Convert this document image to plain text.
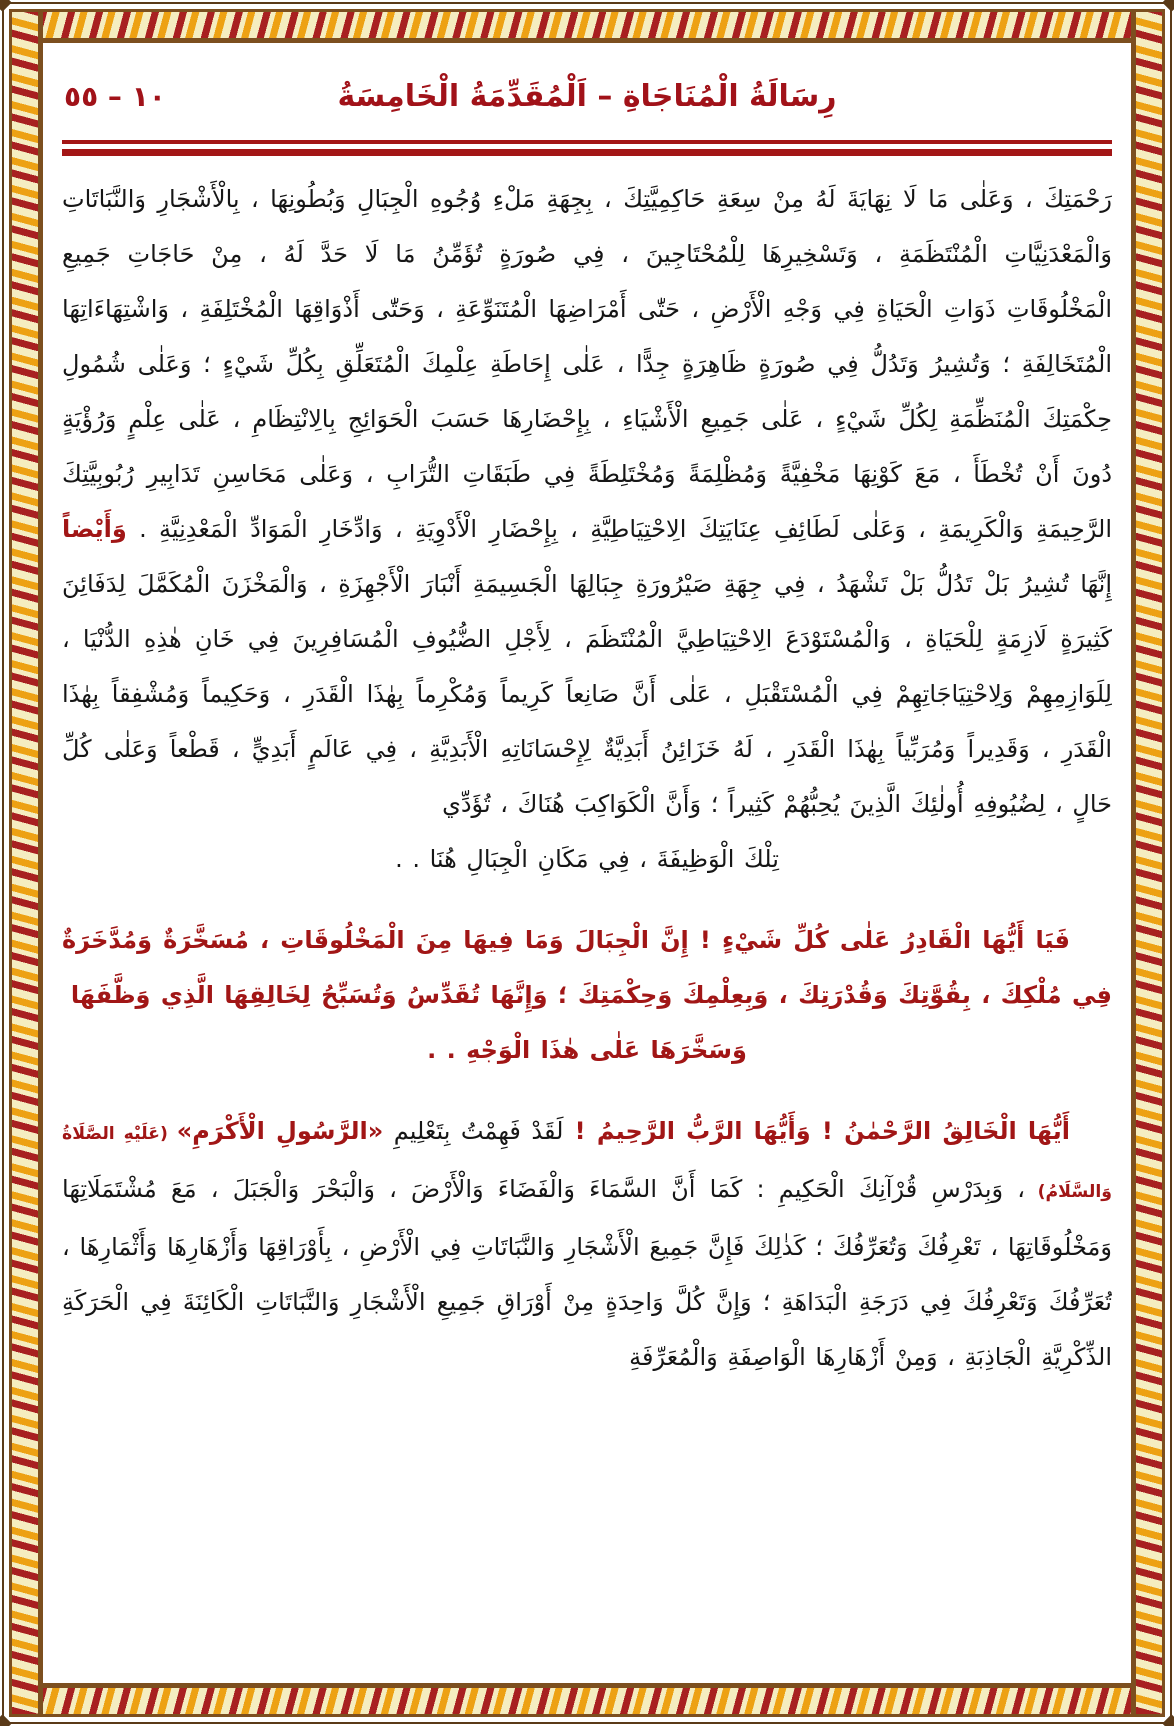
١٠ – ٥٥	رِسَالَةُ الْمُنَاجَاةِ – اَلْمُقَدِّمَةُ الْخَامِسَةُ

رَحْمَتِكَ ، وَعَلٰى مَا لَا نِهَايَةَ لَهُ مِنْ سِعَةِ حَاكِمِيَّتِكَ ، بِجِهَةِ مَلْءِ وُجُوهِ الْجِبَالِ وَبُطُونِهَا ، بِالْأَشْجَارِ وَالنَّبَاتَاتِ وَالْمَعْدَنِيَّاتِ الْمُنْتَظَمَةِ ، وَتَسْخِيرِهَا لِلْمُحْتَاجِينَ ، فِي صُورَةٍ تُؤَمِّنُ مَا لَا حَدَّ لَهُ ، مِنْ حَاجَاتِ جَمِيعِ الْمَخْلُوقَاتِ ذَوَاتِ الْحَيَاةِ فِي وَجْهِ الْأَرْضِ ، حَتّٰى أَمْرَاضِهَا الْمُتَنَوِّعَةِ ، وَحَتّٰى أَذْوَاقِهَا الْمُخْتَلِفَةِ ، وَاشْتِهَاءَاتِهَا الْمُتَخَالِفَةِ ؛ وَتُشِيرُ وَتَدُلُّ فِي صُورَةٍ ظَاهِرَةٍ جِدًّا ، عَلٰى إِحَاطَةِ عِلْمِكَ الْمُتَعَلِّقِ بِكُلِّ شَيْءٍ ؛ وَعَلٰى شُمُولِ حِكْمَتِكَ الْمُنَظِّمَةِ لِكُلِّ شَيْءٍ ، عَلٰى جَمِيعِ الْأَشْيَاءِ ، بِإِحْضَارِهَا حَسَبَ الْحَوَائِجِ بِالِانْتِظَامِ ، عَلٰى عِلْمٍ وَرُؤْيَةٍ دُونَ أَنْ تُخْطَأَ ، مَعَ كَوْنِهَا مَخْفِيَّةً وَمُظْلِمَةً وَمُخْتَلِطَةً فِي طَبَقَاتِ التُّرَابِ ، وَعَلٰى مَحَاسِنِ تَدَابِيرِ رُبُوبِيَّتِكَ الرَّحِيمَةِ وَالْكَرِيمَةِ ، وَعَلٰى لَطَائِفِ عِنَايَتِكَ الِاحْتِيَاطِيَّةِ ، بِإِحْضَارِ الْأَدْوِيَةِ ، وَادِّخَارِ الْمَوَادِّ الْمَعْدِنِيَّةِ . وَأَيْضاً إِنَّهَا تُشِيرُ بَلْ تَدُلُّ بَلْ تَشْهَدُ ، فِي جِهَةِ صَيْرُورَةِ جِبَالِهَا الْجَسِيمَةِ أَنْبَارَ الْأَجْهِزَةِ ، وَالْمَخْزَنَ الْمُكَمَّلَ لِدَفَائِنَ كَثِيرَةٍ لَازِمَةٍ لِلْحَيَاةِ ، وَالْمُسْتَوْدَعَ الِاحْتِيَاطِيَّ الْمُنْتَظَمَ ، لِأَجْلِ الضُّيُوفِ الْمُسَافِرِينَ فِي خَانِ هٰذِهِ الدُّنْيَا ، لِلَوَازِمِهِمْ وَلِاحْتِيَاجَاتِهِمْ فِي الْمُسْتَقْبَلِ ، عَلٰى أَنَّ صَانِعاً كَرِيماً وَمُكْرِماً بِهٰذَا الْقَدَرِ ، وَحَكِيماً وَمُشْفِقاً بِهٰذَا الْقَدَرِ ، وَقَدِيراً وَمُرَبِّياً بِهٰذَا الْقَدَرِ ، لَهُ خَزَائِنُ أَبَدِيَّةٌ لِإِحْسَانَاتِهِ الْأَبَدِيَّةِ ، فِي عَالَمٍ أَبَدِيٍّ ، قَطْعاً وَعَلٰى كُلِّ حَالٍ ، لِضُيُوفِهِ أُولٰئِكَ الَّذِينَ يُحِبُّهُمْ كَثِيراً ؛ وَأَنَّ الْكَوَاكِبَ هُنَاكَ ، تُؤَدِّي

تِلْكَ الْوَظِيفَةَ ، فِي مَكَانِ الْجِبَالِ هُنَا . .

فَيَا أَيُّهَا الْقَادِرُ عَلٰى كُلِّ شَيْءٍ ! إِنَّ الْجِبَالَ وَمَا فِيهَا مِنَ الْمَخْلُوقَاتِ ، مُسَخَّرَةٌ وَمُدَّخَرَةٌ فِي مُلْكِكَ ، بِقُوَّتِكَ وَقُدْرَتِكَ ، وَبِعِلْمِكَ وَحِكْمَتِكَ ؛ وَإِنَّهَا تُقَدِّسُ وَتُسَبِّحُ لِخَالِقِهَا الَّذِي وَظَّفَهَا

وَسَخَّرَهَا عَلٰى هٰذَا الْوَجْهِ . .

أَيُّهَا الْخَالِقُ الرَّحْمٰنُ ! وَأَيُّهَا الرَّبُّ الرَّحِيمُ ! لَقَدْ فَهِمْتُ بِتَعْلِيمِ «الرَّسُولِ الْأَكْرَمِ» (عَلَيْهِ الصَّلَاةُ وَالسَّلَامُ) ، وَبِدَرْسِ قُرْآنِكَ الْحَكِيمِ : كَمَا أَنَّ السَّمَاءَ وَالْفَضَاءَ وَالْأَرْضَ ، وَالْبَحْرَ وَالْجَبَلَ ، مَعَ مُشْتَمَلَاتِهَا وَمَخْلُوقَاتِهَا ، تَعْرِفُكَ وَتُعَرِّفُكَ ؛ كَذٰلِكَ فَإِنَّ جَمِيعَ الْأَشْجَارِ وَالنَّبَاتَاتِ فِي الْأَرْضِ ، بِأَوْرَاقِهَا وَأَزْهَارِهَا وَأَثْمَارِهَا ، تُعَرِّفُكَ وَتَعْرِفُكَ فِي دَرَجَةِ الْبَدَاهَةِ ؛ وَإِنَّ كُلَّ وَاحِدَةٍ مِنْ أَوْرَاقِ جَمِيعِ الْأَشْجَارِ وَالنَّبَاتَاتِ الْكَائِنَةَ فِي الْحَرَكَةِ الذِّكْرِيَّةِ الْجَاذِبَةِ ، وَمِنْ أَزْهَارِهَا الْوَاصِفَةِ وَالْمُعَرِّفَةِ
